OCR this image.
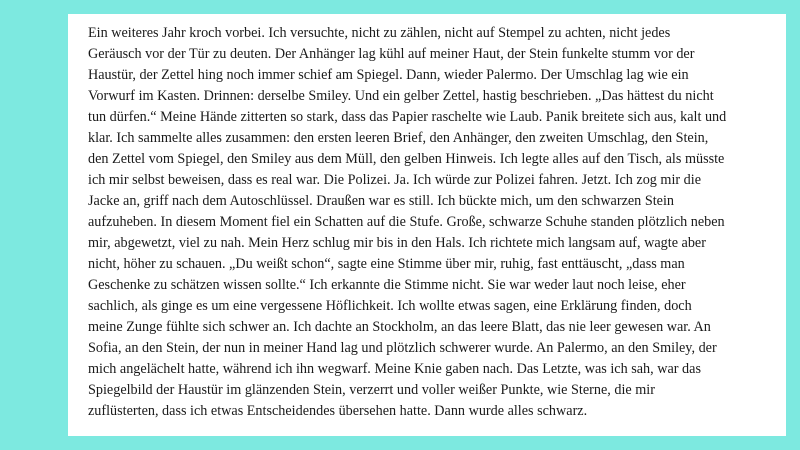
Ein weiteres Jahr kroch vorbei. Ich versuchte, nicht zu zählen, nicht auf Stempel zu achten, nicht jedes
Geräusch vor der Tür zu deuten. Der Anhänger lag kühl auf meiner Haut, der Stein funkelte stumm vor der
Haustür, der Zettel hing noch immer schief am Spiegel. Dann, wieder Palermo. Der Umschlag lag wie ein
Vorwurf im Kasten. Drinnen: derselbe Smiley. Und ein gelber Zettel, hastig beschrieben. „Das hättest du nicht
tun dürfen.“ Meine Hände zitterten so stark, dass das Papier raschelte wie Laub. Panik breitete sich aus, kalt und
klar. Ich sammelte alles zusammen: den ersten leeren Brief, den Anhänger, den zweiten Umschlag, den Stein,
den Zettel vom Spiegel, den Smiley aus dem Müll, den gelben Hinweis. Ich legte alles auf den Tisch, als müsste
ich mir selbst beweisen, dass es real war. Die Polizei. Ja. Ich würde zur Polizei fahren. Jetzt. Ich zog mir die
Jacke an, griff nach dem Autoschlüssel. Draußen war es still. Ich bückte mich, um den schwarzen Stein
aufzuheben. In diesem Moment fiel ein Schatten auf die Stufe. Große, schwarze Schuhe standen plötzlich neben
mir, abgewetzt, viel zu nah. Mein Herz schlug mir bis in den Hals. Ich richtete mich langsam auf, wagte aber
nicht, höher zu schauen. „Du weißt schon“, sagte eine Stimme über mir, ruhig, fast enttäuscht, „dass man
Geschenke zu schätzen wissen sollte.“ Ich erkannte die Stimme nicht. Sie war weder laut noch leise, eher
sachlich, als ginge es um eine vergessene Höflichkeit. Ich wollte etwas sagen, eine Erklärung finden, doch
meine Zunge fühlte sich schwer an. Ich dachte an Stockholm, an das leere Blatt, das nie leer gewesen war. An
Sofia, an den Stein, der nun in meiner Hand lag und plötzlich schwerer wurde. An Palermo, an den Smiley, der
mich angelächelt hatte, während ich ihn wegwarf. Meine Knie gaben nach. Das Letzte, was ich sah, war das
Spiegelbild der Haustür im glänzenden Stein, verzerrt und voller weißer Punkte, wie Sterne, die mir
zuflüsterten, dass ich etwas Entscheidendes übersehen hatte. Dann wurde alles schwarz.
